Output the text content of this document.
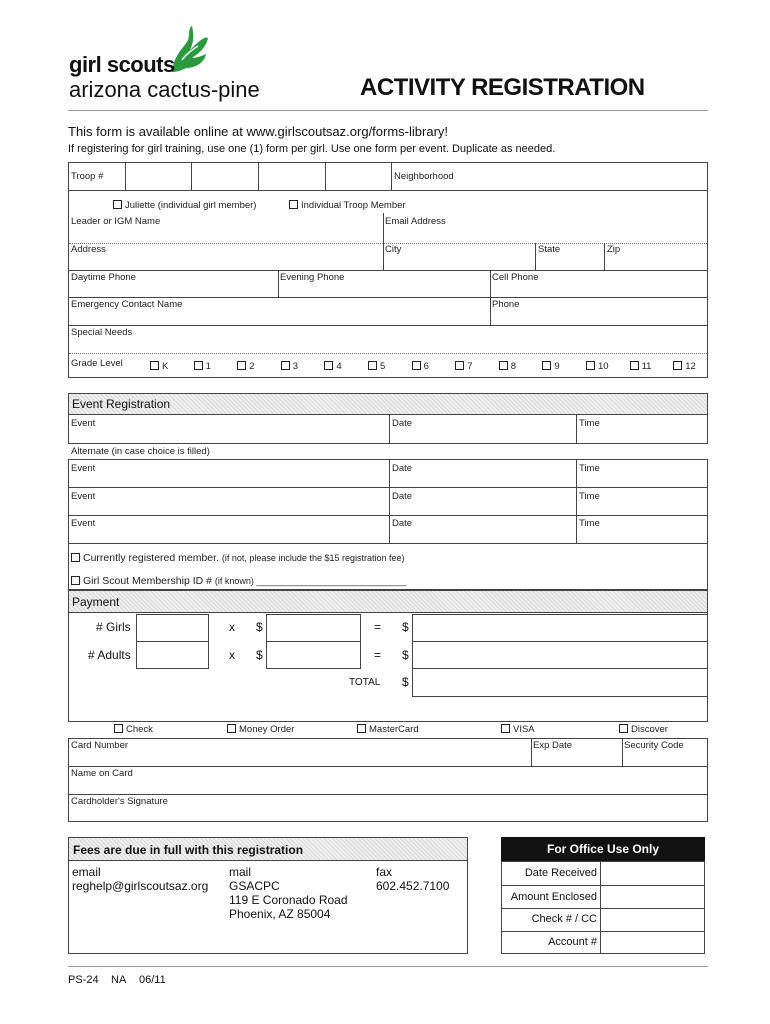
girl scouts
arizona cactus-pine	ACTIVITY REGISTRATION
This form is available online at www.girlscoutsaz.org/forms-library!
If registering for girl training, use one (1) form per girl. Use one form per event. Duplicate as needed.
Troop #	Neighborhood
Juliette (individual girl member)	Individual Troop Member
Leader or IGM Name	Email Address
Address	City	State	Zip
Daytime Phone	Evening Phone	Cell Phone
Emergency Contact Name	Phone
Special Needs
Grade Level	K	1	2	3	4	5	6	7	8	9	10	11	12
Event Registration
Event	Date	Time
Alternate (in case choice is filled)
Event	Date	Time
Event	Date	Time
Event	Date	Time
Currently registered member. (if not, please include the $15 registration fee)
Girl Scout Membership ID # (if known) ______________________________
Payment
# Girls	x $	= $
# Adults	x $	= $
TOTAL $
Check	Money Order	MasterCard	VISA	Discover
Card Number	Exp Date	Security Code
Name on Card
Cardholder's Signature
Fees are due in full with this registration
email
reghelp@girlscoutsaz.org
mail
GSACPC
119 E Coronado Road
Phoenix, AZ 85004
fax
602.452.7100
For Office Use Only
Date Received
Amount Enclosed
Check # / CC
Account #
PS-24 NA 06/11
